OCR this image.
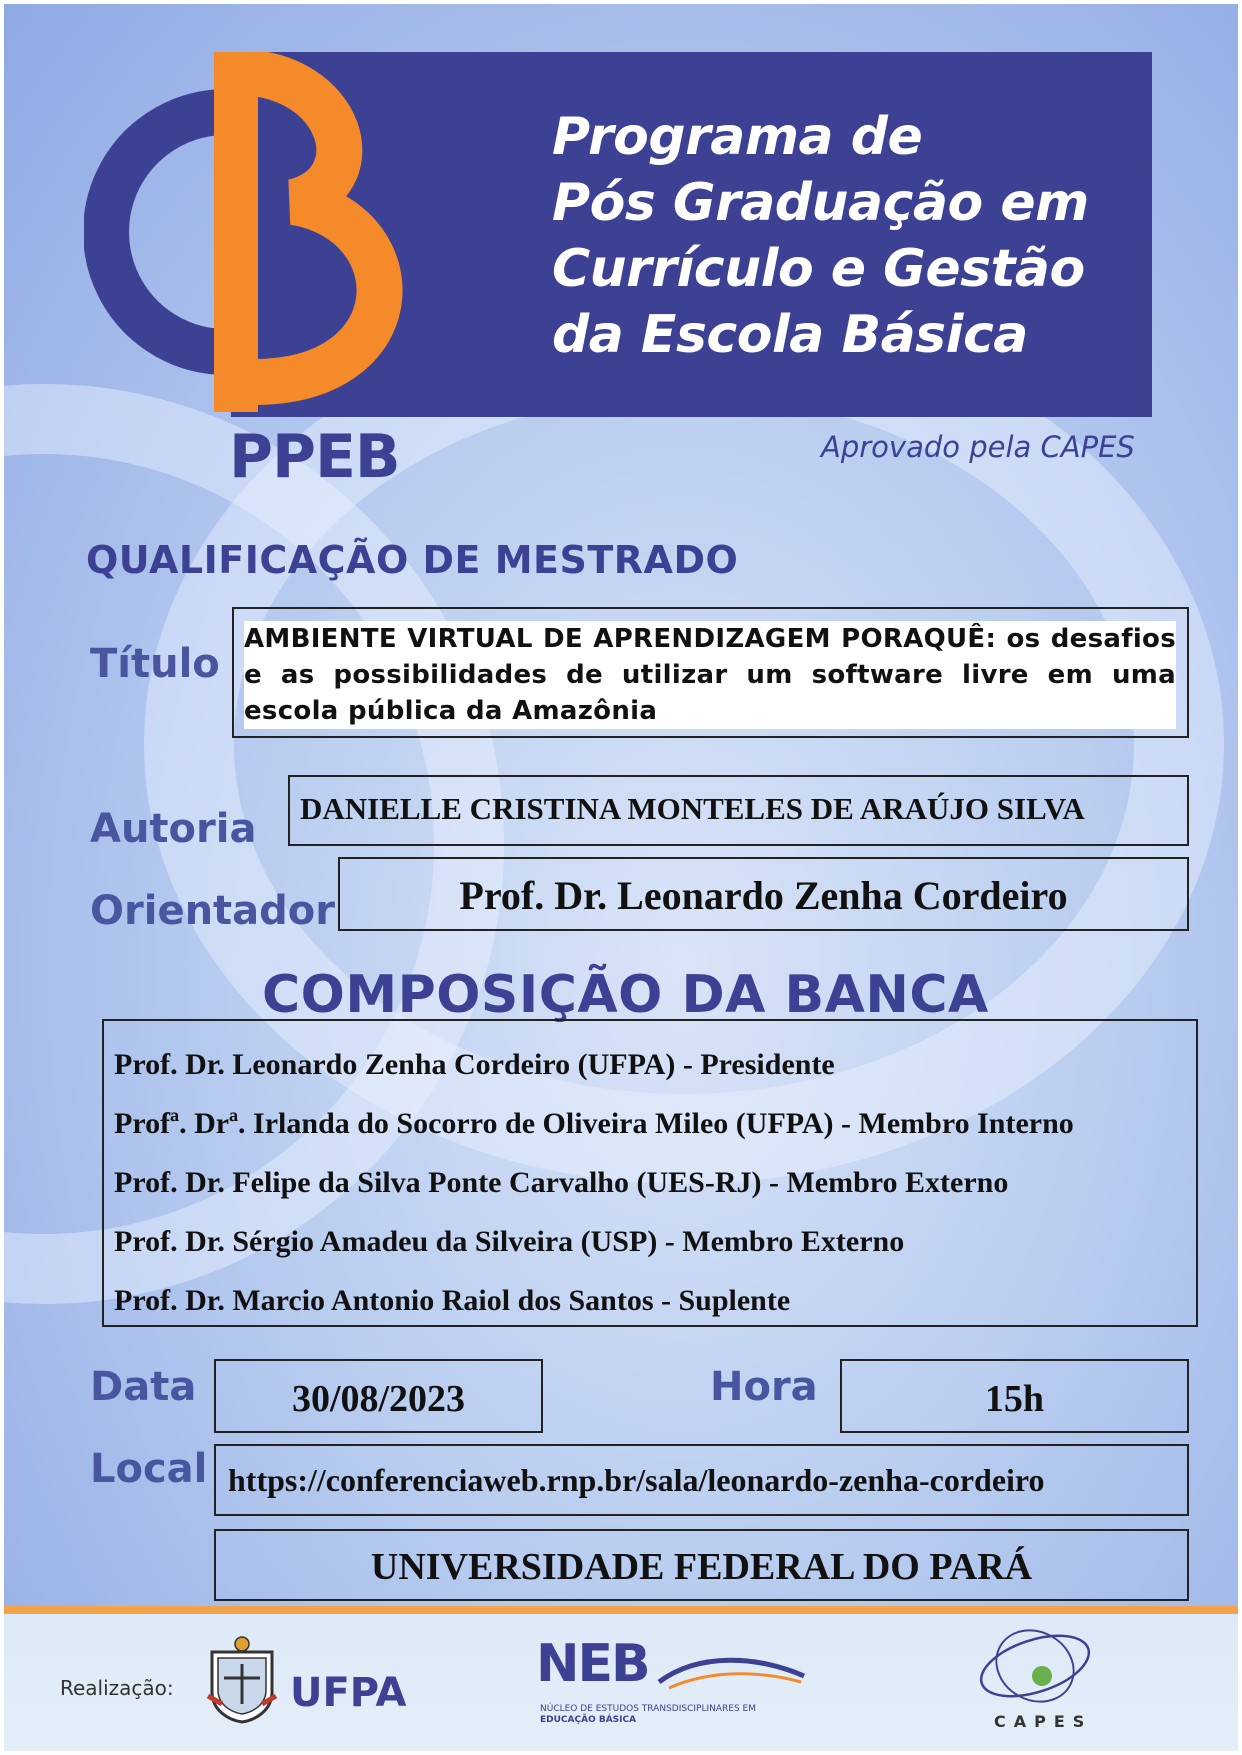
Programa de
Pós Graduação em
Currículo e Gestão
da Escola Básica
PPEB	Aprovado pela CAPES
QUALIFICAÇÃO DE MESTRADO
Título

AMBIENTE VIRTUAL DE APRENDIZAGEM PORAQUÊ: os desafios e as possibilidades de utilizar um software livre em uma escola pública da Amazônia

Autoria DANIELLE CRISTINA MONTELES DE ARAÚJO SILVA
Orientador	Prof. Dr. Leonardo Zenha Cordeiro
COMPOSIÇÃO DA BANCA
Prof. Dr. Leonardo Zenha Cordeiro (UFPA) - Presidente
Profª. Drª. Irlanda do Socorro de Oliveira Mileo (UFPA) - Membro Interno
Prof. Dr. Felipe da Silva Ponte Carvalho (UES-RJ) - Membro Externo
Prof. Dr. Sérgio Amadeu da Silveira (USP) - Membro Externo
Prof. Dr. Marcio Antonio Raiol dos Santos - Suplente
Data	30/08/2023	Hora	15h
Local https://conferenciaweb.rnp.br/sala/leonardo-zenha-cordeiro
UNIVERSIDADE FEDERAL DO PARÁ
Realização:	UFPA NEB
NÚCLEO DE ESTUDOS TRANSDISCIPLINARES EM
EDUCAÇÃO BÁSICA	CAPES
